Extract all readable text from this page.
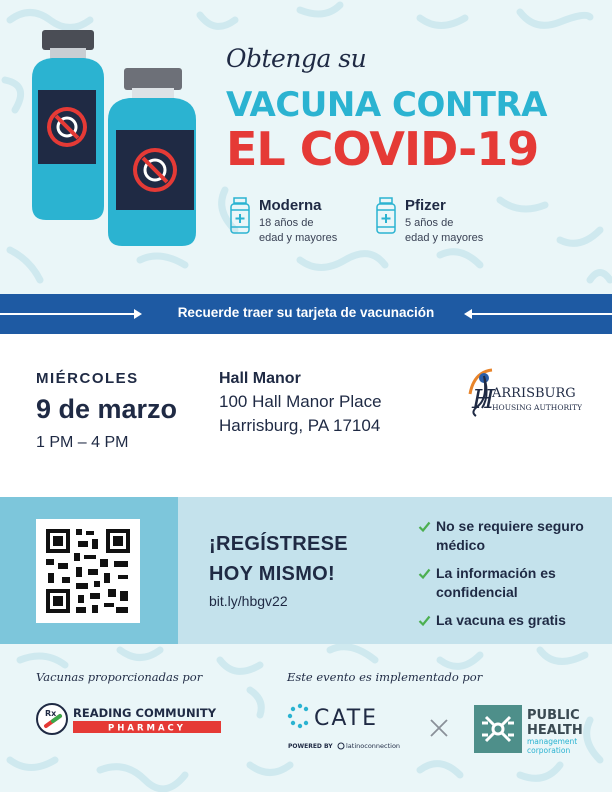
Obtenga su
VACUNA CONTRA
EL COVID-19
Moderna
18 años de
edad y mayores
Pfizer
5 años de
edad y mayores
Recuerde traer su tarjeta de vacunación
MIÉRCOLES
9 de marzo
1 PM – 4 PM
Hall Manor
100 Hall Manor Place
Harrisburg, PA 17104
H
ARRISBURG
HOUSING AUTHORITY
¡REGÍSTRESE
HOY MISMO!
bit.ly/hbgv22
No se requiere seguro médico
La información es confidencial
La vacuna es gratis
Vacunas proporcionadas por	Este evento es implementado por
Rx READING COMMUNITY
PHARMACY	CATE
POWERED BY latinoconnection
PUBLIC
HEALTH
management
corporation
